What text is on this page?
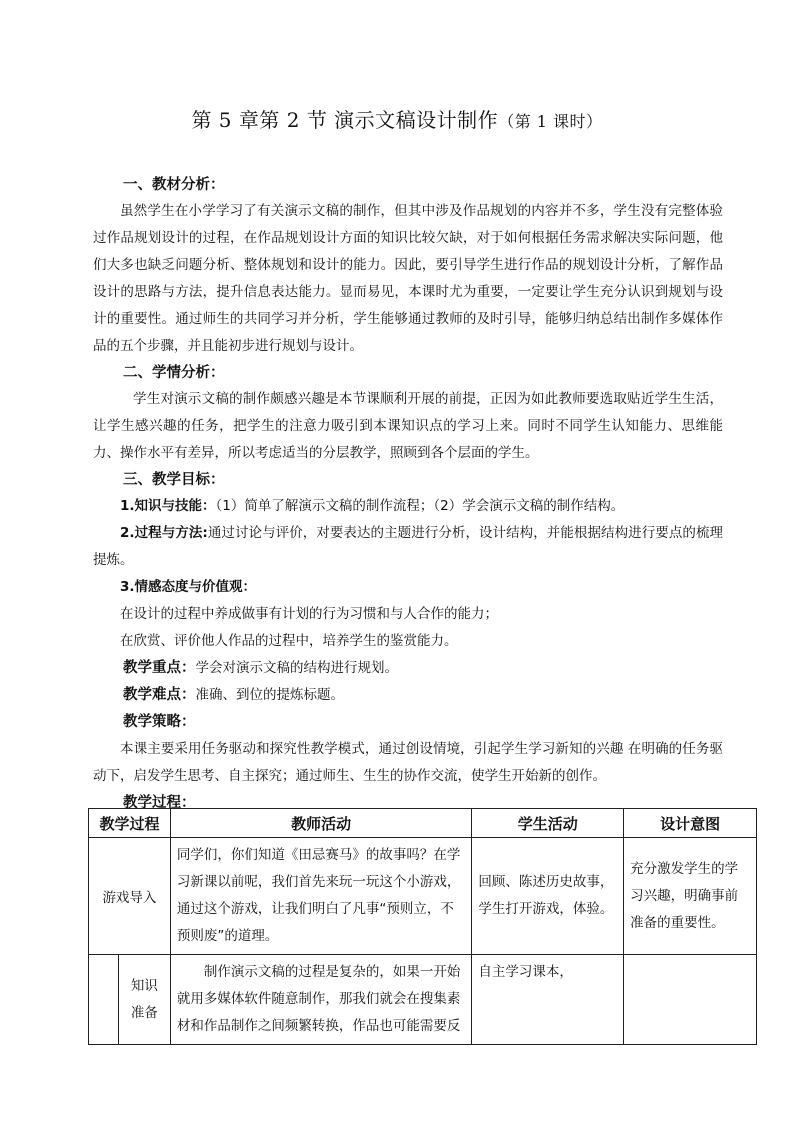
第 5 章第 2 节 演示文稿设计制作（第 1 课时）
一、教材分析：

虽然学生在小学学习了有关演示文稿的制作，但其中涉及作品规划的内容并不多，学生没有完整体验过作品规划设计的过程，在作品规划设计方面的知识比较欠缺，对于如何根据任务需求解决实际问题，他们大多也缺乏问题分析、整体规划和设计的能力。因此，要引导学生进行作品的规划设计分析，了解作品设计的思路与方法，提升信息表达能力。显而易见，本课时尤为重要，一定要让学生充分认识到规划与设计的重要性。通过师生的共同学习并分析，学生能够通过教师的及时引导，能够归纳总结出制作多媒体作品的五个步骤，并且能初步进行规划与设计。

二、学情分析：

学生对演示文稿的制作颇感兴趣是本节课顺利开展的前提，正因为如此教师要选取贴近学生生活，让学生感兴趣的任务，把学生的注意力吸引到本课知识点的学习上来。同时不同学生认知能力、思维能力、操作水平有差异，所以考虑适当的分层教学，照顾到各个层面的学生。

三、教学目标：

1.知识与技能：（1）简单了解演示文稿的制作流程；（2）学会演示文稿的制作结构。

2.过程与方法:通过讨论与评价，对要表达的主题进行分析，设计结构，并能根据结构进行要点的梳理提炼。

3.情感态度与价值观：

在设计的过程中养成做事有计划的行为习惯和与人合作的能力；

在欣赏、评价他人作品的过程中，培养学生的鉴赏能力。

教学重点：学会对演示文稿的结构进行规划。

教学难点：准确、到位的提炼标题。

教学策略：

本课主要采用任务驱动和探究性教学模式，通过创设情境，引起学生学习新知的兴趣 在明确的任务驱动下，启发学生思考、自主探究；通过师生、生生的协作交流，使学生开始新的创作。

教学过程：

教学过程		教师活动	学生活动	设计意图
游戏导入		同学们，你们知道《田忌赛马》的故事吗？在学习新课以前呢，我们首先来玩一玩这个小游戏，通过这个游戏，让我们明白了凡事“预则立，不预则废”的道理。	回顾、陈述历史故事，学生打开游戏，体验。	充分激发学生的学习兴趣，明确事前准备的重要性。
	知识准备	制作演示文稿的过程是复杂的，如果一开始就用多媒体软件随意制作，那我们就会在搜集素材和作品制作之间频繁转换，作品也可能需要反	自主学习课本，	
